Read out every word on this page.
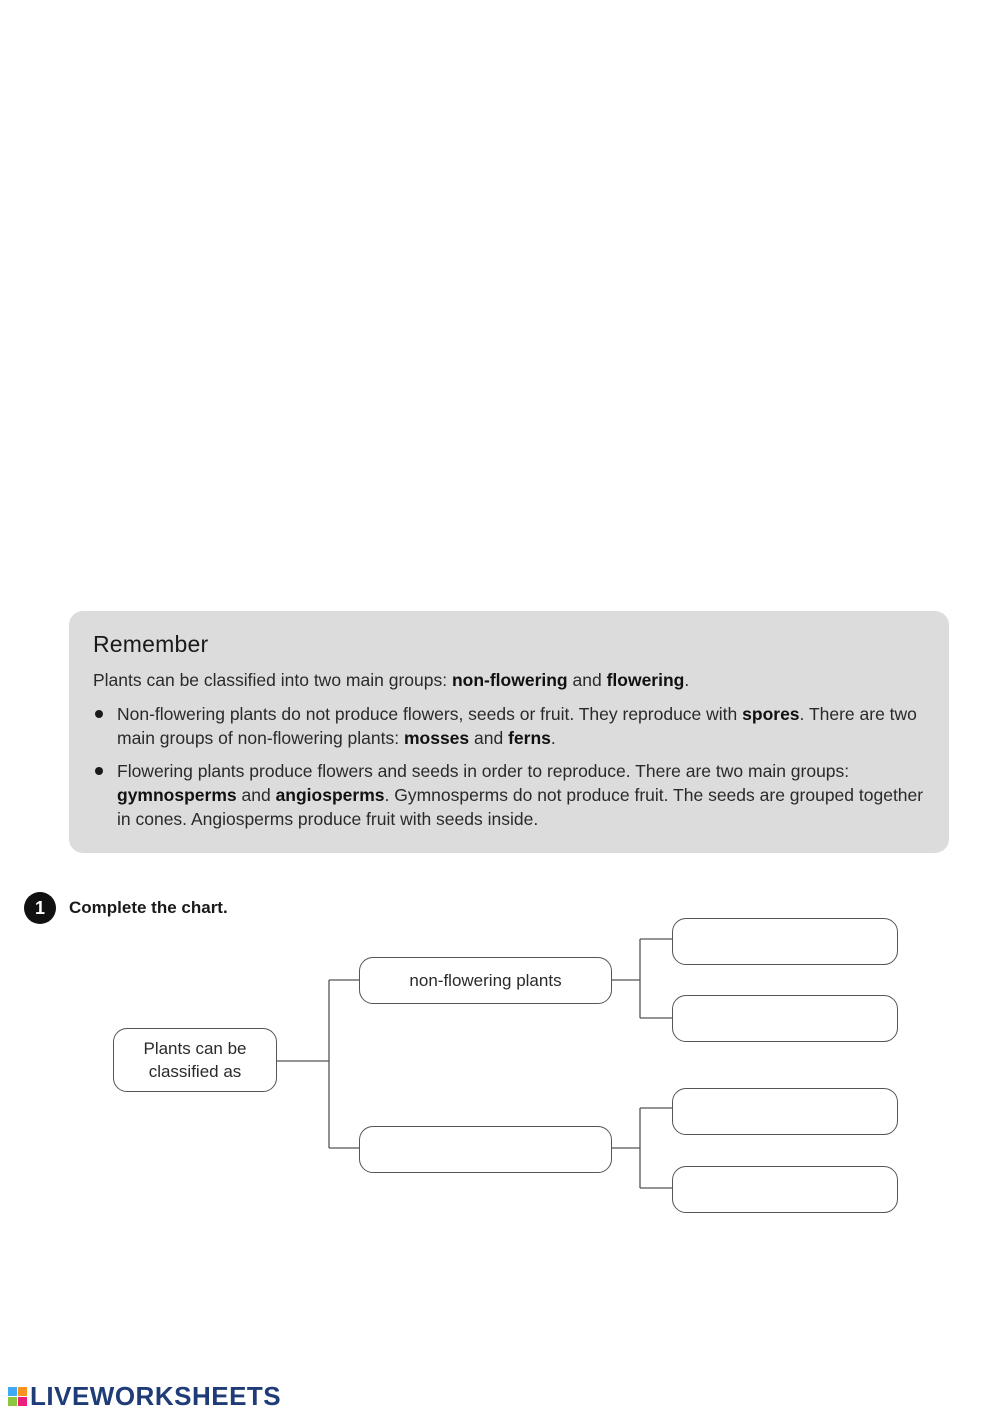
Remember

Plants can be classified into two main groups: non-flowering and flowering.

Non-flowering plants do not produce flowers, seeds or fruit. They reproduce with spores. There are two main groups of non-flowering plants: mosses and ferns.
Flowering plants produce flowers and seeds in order to reproduce. There are two main groups: gymnosperms and angiosperms. Gymnosperms do not produce fruit. The seeds are grouped together in cones. Angiosperms produce fruit with seeds inside.
1	Complete the chart.
Plants can be classified as
non-flowering plants
LIVEWORKSHEETS
